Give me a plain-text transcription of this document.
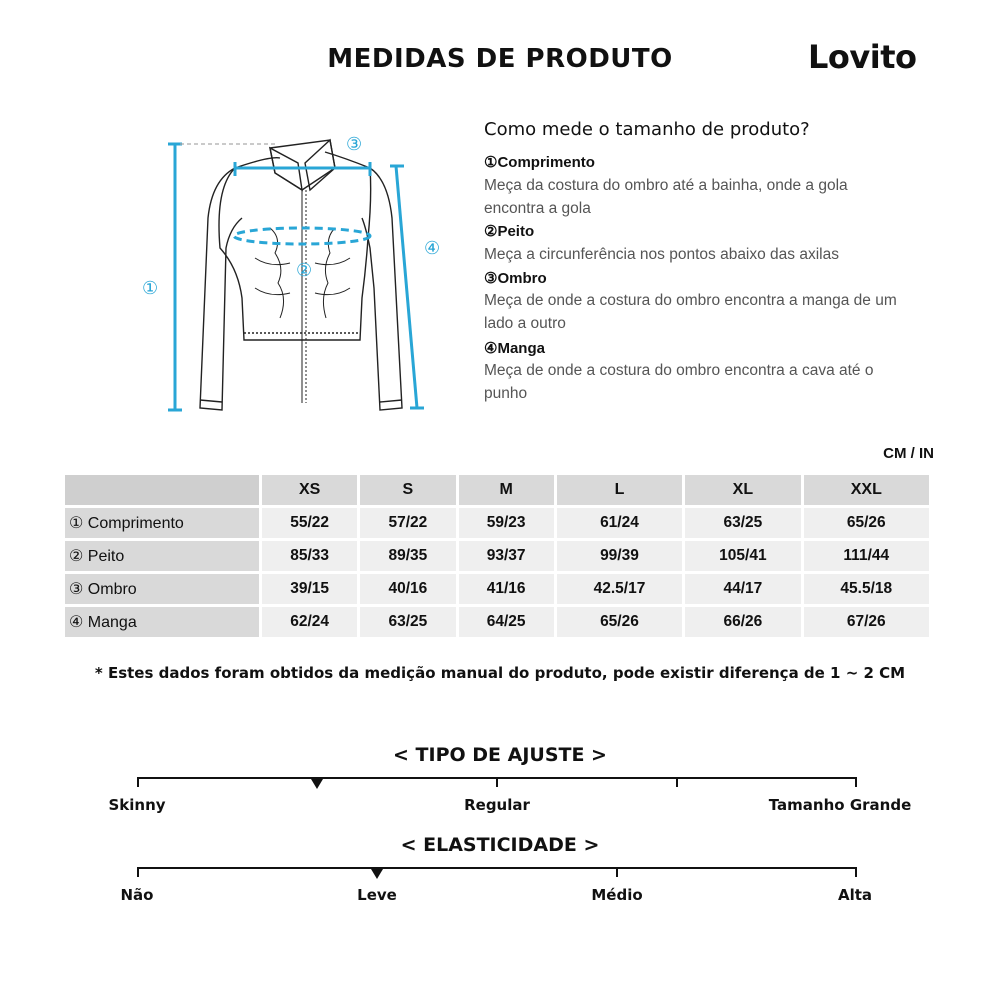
MEDIDAS DE PRODUTO	Lovito
①
②
③
④
Como mede o tamanho de produto?
①Comprimento
Meça da costura do ombro até a bainha, onde a gola encontra a gola
②Peito
Meça a circunferência nos pontos abaixo das axilas
③Ombro
Meça de onde a costura do ombro encontra a manga de um lado a outro
④Manga
Meça de onde a costura do ombro encontra a cava até o punho
CM / IN
	XS	S	M	L	XL	XXL
① Comprimento	55/22	57/22	59/23	61/24	63/25	65/26
② Peito	85/33	89/35	93/37	99/39	105/41	111/44
③ Ombro	39/15	40/16	41/16	42.5/17	44/17	45.5/18
④ Manga	62/24	63/25	64/25	65/26	66/26	67/26
* Estes dados foram obtidos da medição manual do produto, pode existir diferença de 1 ~ 2 CM
< TIPO DE AJUSTE >
Skinny	Regular	Tamanho Grande
< ELASTICIDADE >
Não	Leve	Médio	Alta
